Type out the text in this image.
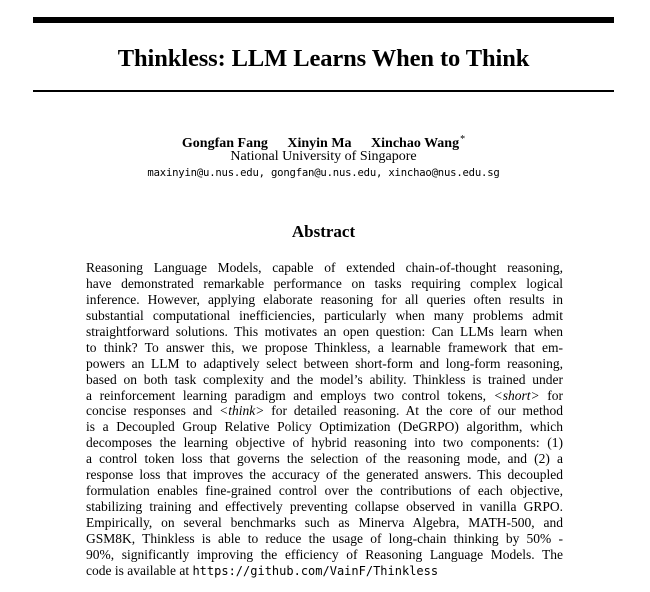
Thinkless: LLM Learns When to Think
Gongfan Fang Xinyin Ma Xinchao Wang*
National University of Singapore
maxinyin@u.nus.edu, gongfan@u.nus.edu, xinchao@nus.edu.sg
Abstract
Reasoning Language Models, capable of extended chain-of-thought reasoning,
have demonstrated remarkable performance on tasks requiring complex logical
inference. However, applying elaborate reasoning for all queries often results in
substantial computational inefficiencies, particularly when many problems admit
straightforward solutions. This motivates an open question: Can LLMs learn when
to think? To answer this, we propose Thinkless, a learnable framework that em-
powers an LLM to adaptively select between short-form and long-form reasoning,
based on both task complexity and the model’s ability. Thinkless is trained under
a reinforcement learning paradigm and employs two control tokens, <short> for
concise responses and <think> for detailed reasoning. At the core of our method
is a Decoupled Group Relative Policy Optimization (DeGRPO) algorithm, which
decomposes the learning objective of hybrid reasoning into two components: (1)
a control token loss that governs the selection of the reasoning mode, and (2) a
response loss that improves the accuracy of the generated answers. This decoupled
formulation enables fine-grained control over the contributions of each objective,
stabilizing training and effectively preventing collapse observed in vanilla GRPO.
Empirically, on several benchmarks such as Minerva Algebra, MATH-500, and
GSM8K, Thinkless is able to reduce the usage of long-chain thinking by 50% -
90%, significantly improving the efficiency of Reasoning Language Models. The
code is available at https://github.com/VainF/Thinkless
